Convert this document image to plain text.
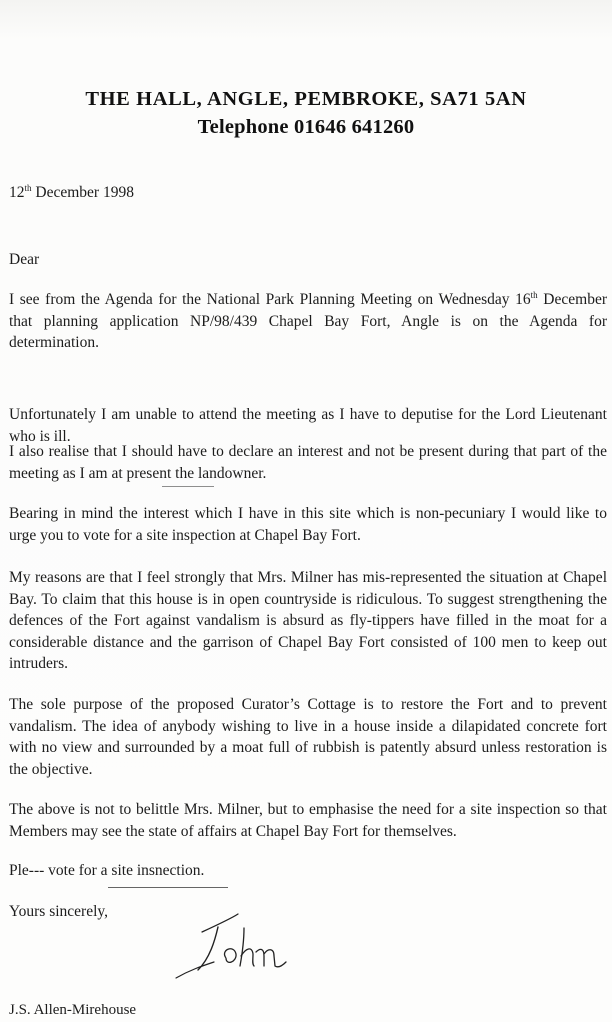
THE HALL, ANGLE, PEMBROKE, SA71 5AN
Telephone 01646 641260
12th December 1998
Dear

I see from the Agenda for the National Park Planning Meeting on Wednesday 16th December that planning application NP/98/439 Chapel Bay Fort, Angle is on the Agenda for determination.

Unfortunately I am unable to attend the meeting as I have to deputise for the Lord Lieutenant who is ill.

I also realise that I should have to declare an interest and not be present during that part of the meeting as I am at present the landowner.

Bearing in mind the interest which I have in this site which is non-pecuniary I would like to urge you to vote for a site inspection at Chapel Bay Fort.

My reasons are that I feel strongly that Mrs. Milner has mis-represented the situation at Chapel Bay. To claim that this house is in open countryside is ridiculous. To suggest strengthening the defences of the Fort against vandalism is absurd as fly-tippers have filled in the moat for a considerable distance and the garrison of Chapel Bay Fort consisted of 100 men to keep out intruders.

The sole purpose of the proposed Curator’s Cottage is to restore the Fort and to prevent vandalism. The idea of anybody wishing to live in a house inside a dilapidated concrete fort with no view and surrounded by a moat full of rubbish is patently absurd unless restoration is the objective.

The above is not to belittle Mrs. Milner, but to emphasise the need for a site inspection so that Members may see the state of affairs at Chapel Bay Fort for themselves.

Ple--- vote for a site insnection.
Yours sincerely,
J.S. Allen-Mirehouse
